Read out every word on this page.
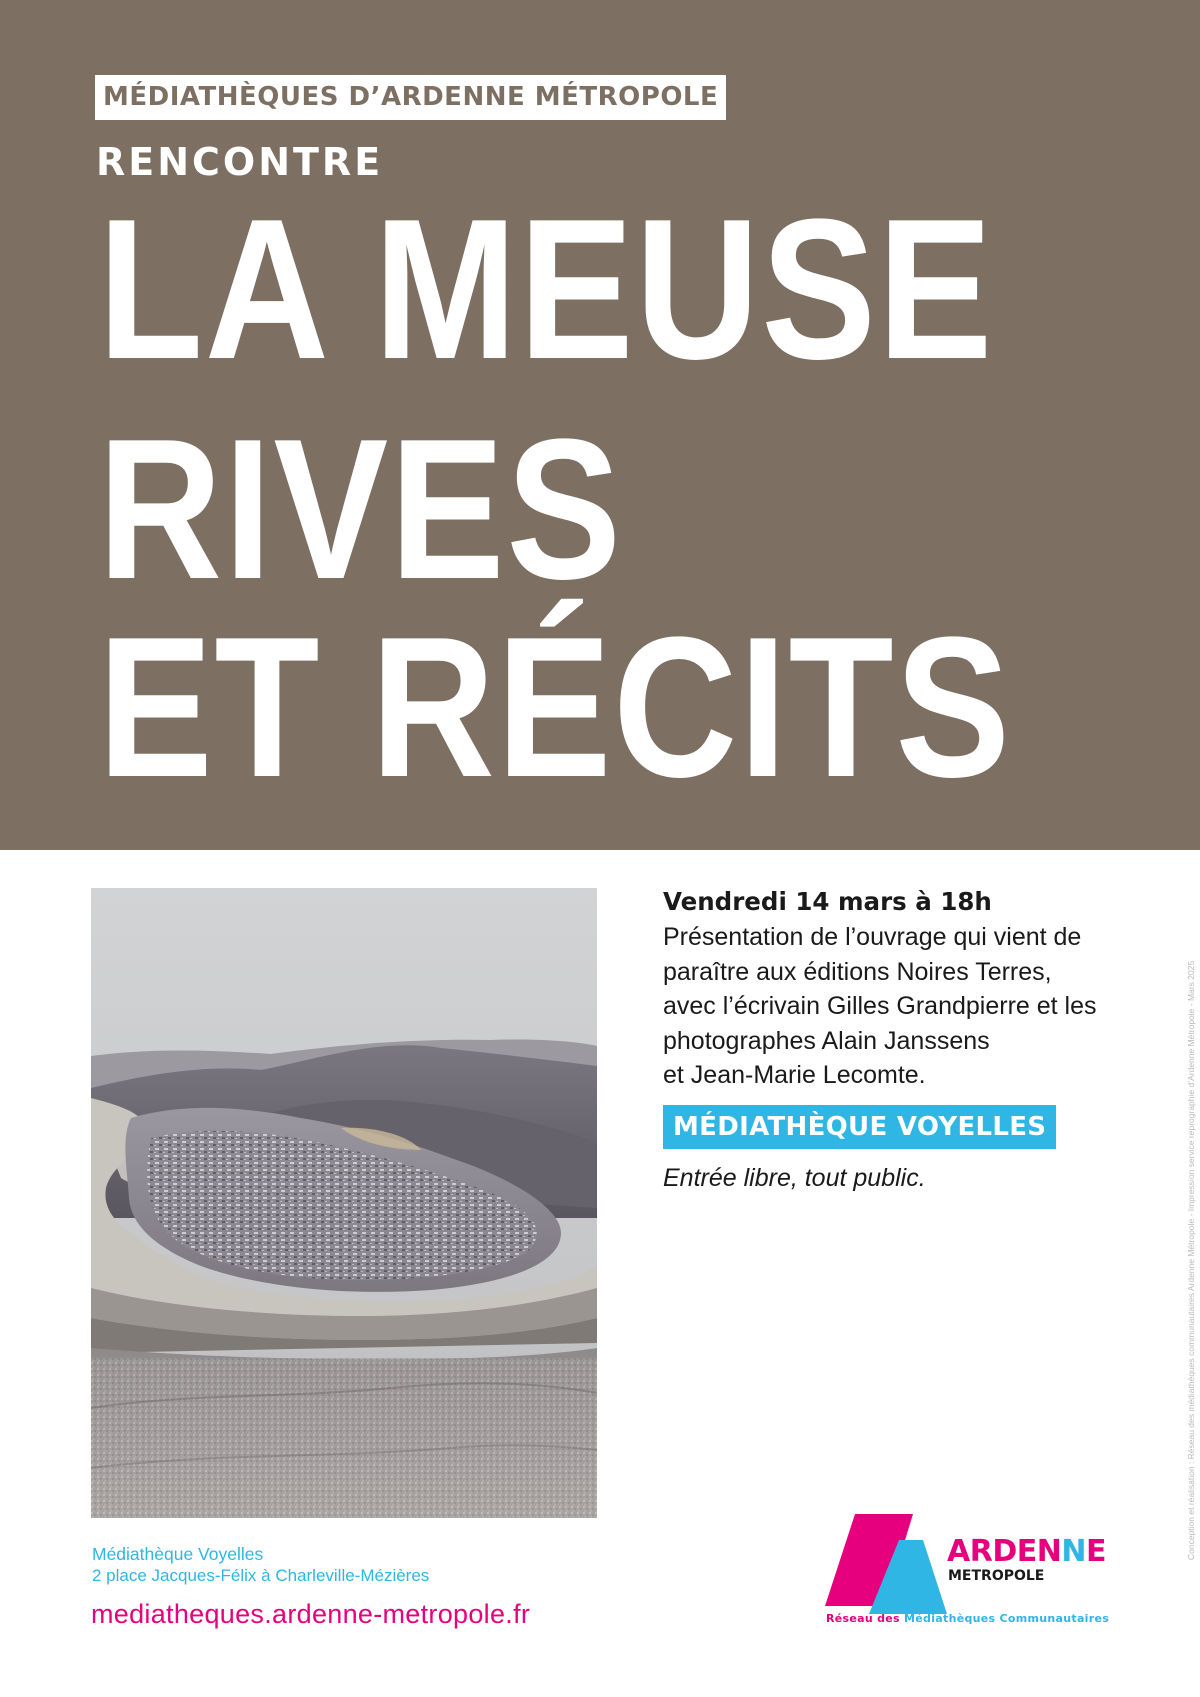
MÉDIATHÈQUES D’ARDENNE MÉTROPOLE
RENCONTRE
LA MEUSE
RIVES
ET RÉCITS
Vendredi 14 mars à 18h
Présentation de l’ouvrage qui vient de
paraître aux éditions Noires Terres,
avec l’écrivain Gilles Grandpierre et les
photographes Alain Janssens
et Jean-Marie Lecomte.
MÉDIATHÈQUE VOYELLES
Entrée libre, tout public.
Médiathèque Voyelles
2 place Jacques-Félix à Charleville-Mézières
mediatheques.ardenne-metropole.fr
ARDENNE
METROPOLE
Réseau des Médiathèques Communautaires
Conception et réalisation : Réseau des médiathèques communautaires Ardenne Métropole - Impression service reprographie d’Ardenne Métropole - Mars 2025
